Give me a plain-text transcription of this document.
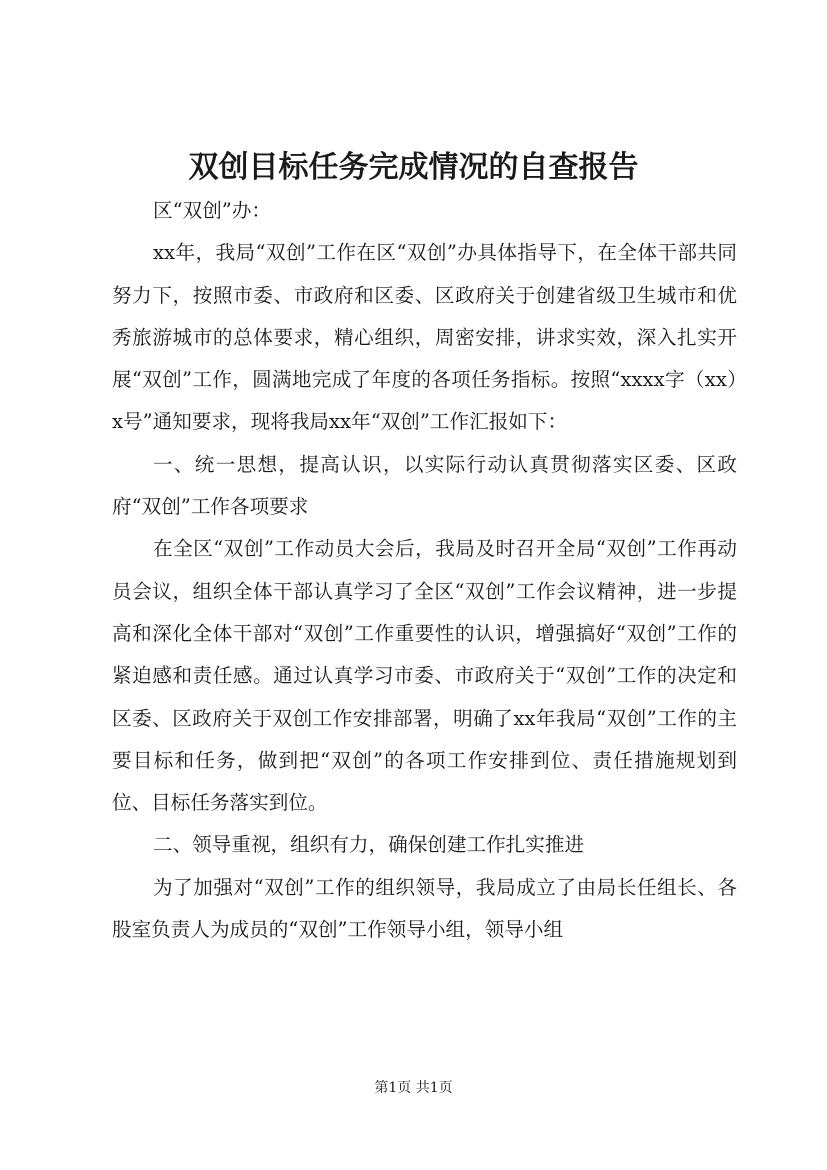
双创目标任务完成情况的自查报告

区“双创”办：

xx年，我局“双创”工作在区“双创”办具体指导下，在全体干部共同努力下，按照市委、市政府和区委、区政府关于创建省级卫生城市和优秀旅游城市的总体要求，精心组织，周密安排，讲求实效，深入扎实开展“双创”工作，圆满地完成了年度的各项任务指标。按照“xxxx字（xx）x号”通知要求，现将我局xx年“双创”工作汇报如下：

一、统一思想，提高认识，以实际行动认真贯彻落实区委、区政府“双创”工作各项要求

在全区“双创”工作动员大会后，我局及时召开全局“双创”工作再动员会议，组织全体干部认真学习了全区“双创”工作会议精神，进一步提高和深化全体干部对“双创”工作重要性的认识，增强搞好“双创”工作的紧迫感和责任感。通过认真学习市委、市政府关于“双创”工作的决定和区委、区政府关于双创工作安排部署，明确了xx年我局“双创”工作的主要目标和任务，做到把“双创”的各项工作安排到位、责任措施规划到位、目标任务落实到位。

二、领导重视，组织有力，确保创建工作扎实推进

为了加强对“双创”工作的组织领导，我局成立了由局长任组长、各股室负责人为成员的“双创”工作领导小组，领导小组

第1页 共1页
